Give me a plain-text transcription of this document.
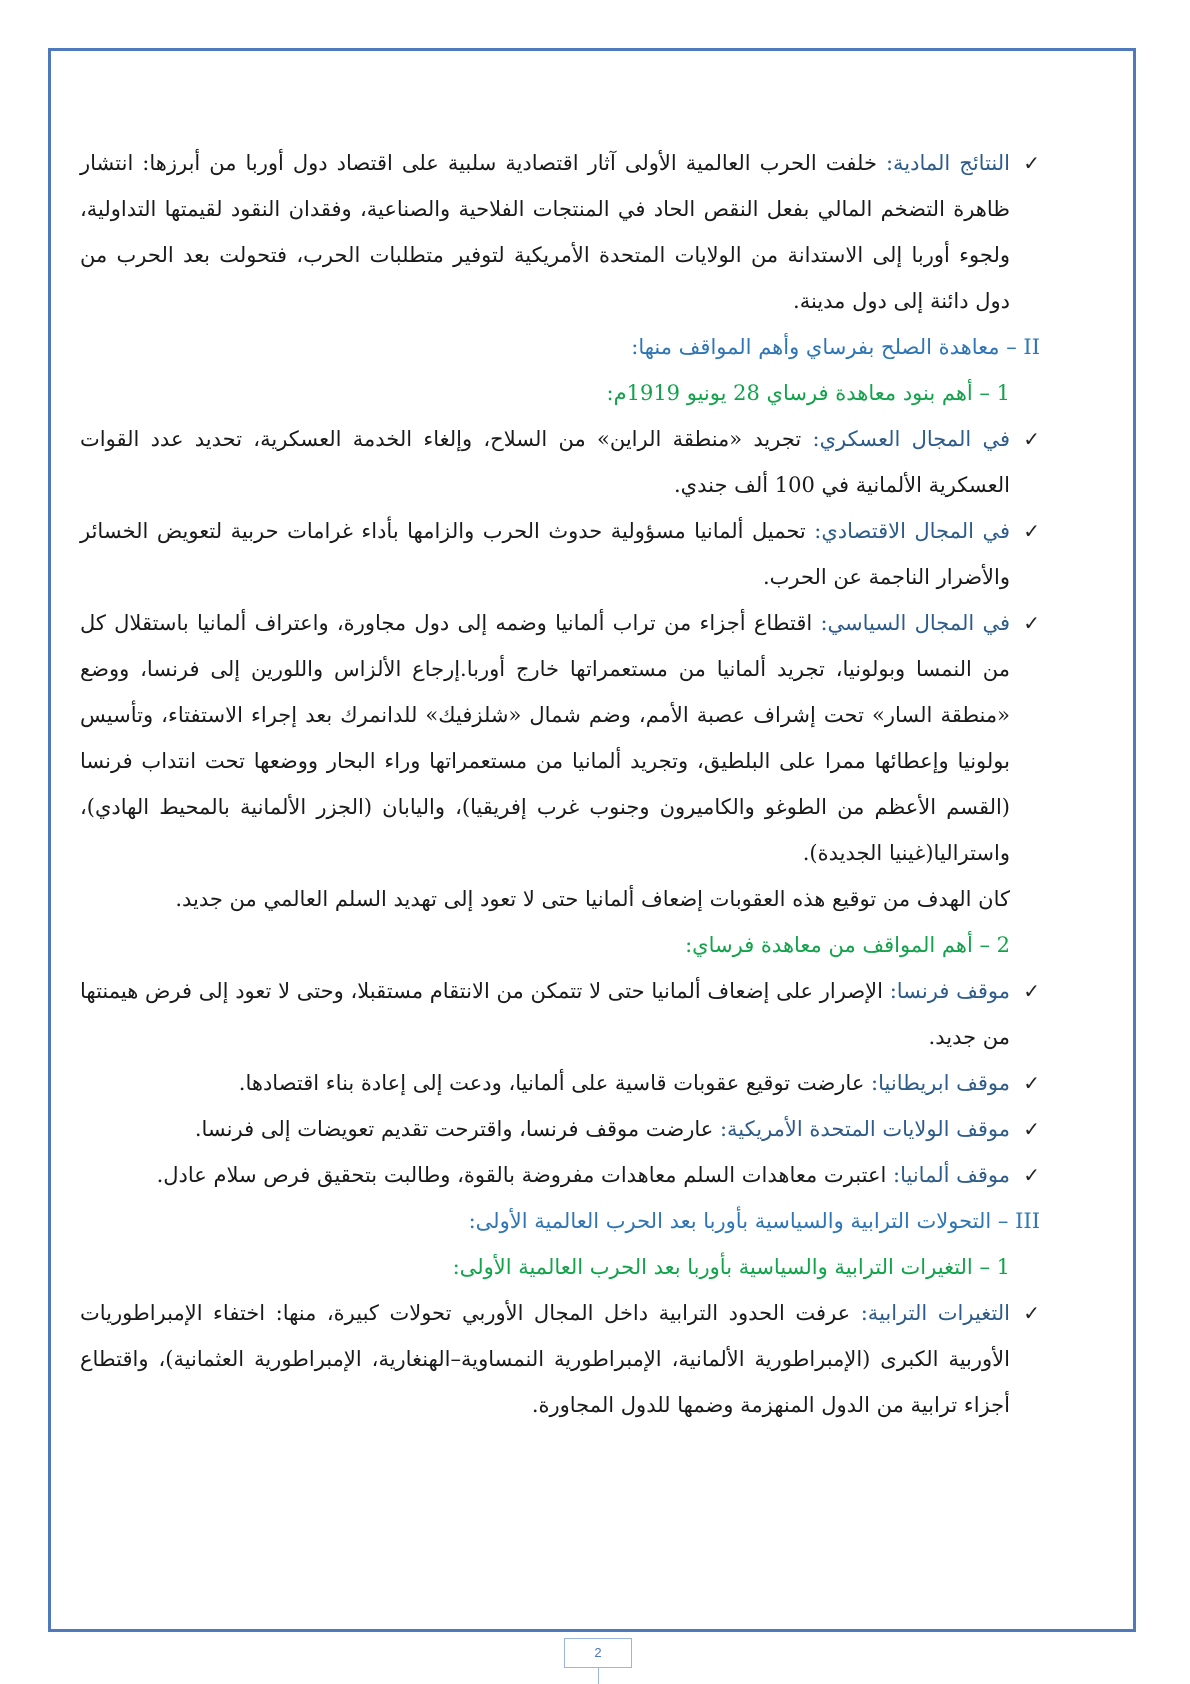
✓
النتائج المادية: خلفت الحرب العالمية الأولى آثار اقتصادية سلبية على اقتصاد دول أوربا من أبرزها: انتشار ظاهرة التضخم المالي بفعل النقص الحاد في المنتجات الفلاحية والصناعية، وفقدان النقود لقيمتها التداولية، ولجوء أوربا إلى الاستدانة من الولايات المتحدة الأمريكية لتوفير متطلبات الحرب، فتحولت بعد الحرب من دول دائنة إلى دول مدينة.

II – معاهدة الصلح بفرساي وأهم المواقف منها:

1 – أهم بنود معاهدة فرساي 28 يونيو 1919م:

✓
في المجال العسكري: تجريد «منطقة الراين» من السلاح، وإلغاء الخدمة العسكرية، تحديد عدد القوات العسكرية الألمانية في 100 ألف جندي.

✓
في المجال الاقتصادي: تحميل ألمانيا مسؤولية حدوث الحرب والزامها بأداء غرامات حربية لتعويض الخسائر والأضرار الناجمة عن الحرب.

✓
في المجال السياسي: اقتطاع أجزاء من تراب ألمانيا وضمه إلى دول مجاورة، واعتراف ألمانيا باستقلال كل من النمسا وبولونيا، تجريد ألمانيا من مستعمراتها خارج أوربا.إرجاع الألزاس واللورين إلى فرنسا، ووضع «منطقة السار» تحت إشراف عصبة الأمم، وضم شمال «شلزفيك» للدانمرك بعد إجراء الاستفتاء، وتأسيس بولونيا وإعطائها ممرا على البلطيق، وتجريد ألمانيا من مستعمراتها وراء البحار ووضعها تحت انتداب فرنسا (القسم الأعظم من الطوغو والكاميرون وجنوب غرب إفريقيا)، واليابان (الجزر الألمانية بالمحيط الهادي)، واستراليا(غينيا الجديدة).

كان الهدف من توقيع هذه العقوبات إضعاف ألمانيا حتى لا تعود إلى تهديد السلم العالمي من جديد.

2 – أهم المواقف من معاهدة فرساي:

✓
موقف فرنسا: الإصرار على إضعاف ألمانيا حتى لا تتمكن من الانتقام مستقبلا، وحتى لا تعود إلى فرض هيمنتها من جديد.

✓
موقف ابريطانيا: عارضت توقيع عقوبات قاسية على ألمانيا، ودعت إلى إعادة بناء اقتصادها.

✓
موقف الولايات المتحدة الأمريكية: عارضت موقف فرنسا، واقترحت تقديم تعويضات إلى فرنسا.

✓
موقف ألمانيا: اعتبرت معاهدات السلم معاهدات مفروضة بالقوة، وطالبت بتحقيق فرص سلام عادل.

III – التحولات الترابية والسياسية بأوربا بعد الحرب العالمية الأولى:

1 – التغيرات الترابية والسياسية بأوربا بعد الحرب العالمية الأولى:

✓
التغيرات الترابية: عرفت الحدود الترابية داخل المجال الأوربي تحولات كبيرة، منها: اختفاء الإمبراطوريات الأوربية الكبرى (الإمبراطورية الألمانية، الإمبراطورية النمساوية–الهنغارية، الإمبراطورية العثمانية)، واقتطاع أجزاء ترابية من الدول المنهزمة وضمها للدول المجاورة.

2
